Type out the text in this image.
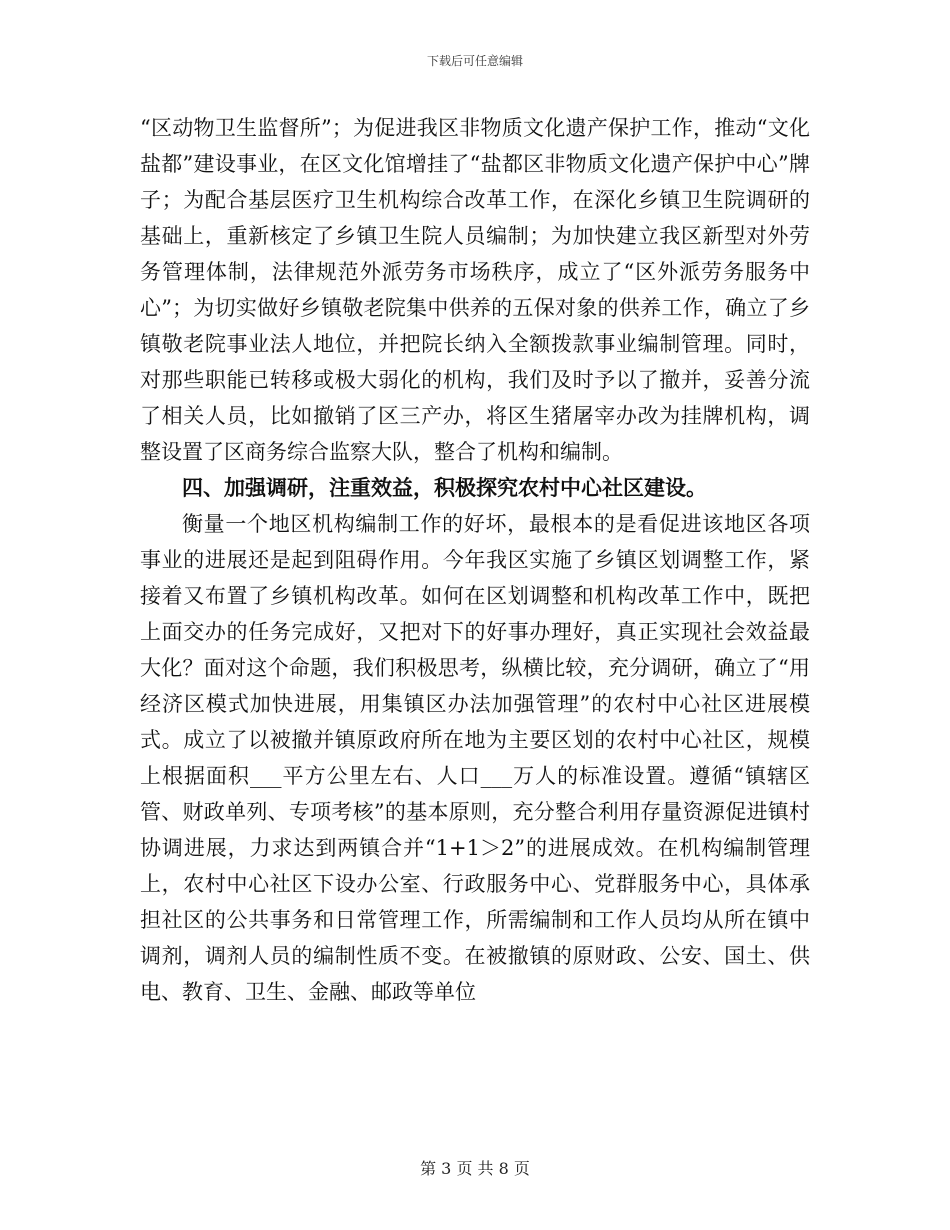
下载后可任意编辑

“区动物卫生监督所”；为促进我区非物质文化遗产保护工作，推动“文化盐都”建设事业，在区文化馆增挂了“盐都区非物质文化遗产保护中心”牌子；为配合基层医疗卫生机构综合改革工作，在深化乡镇卫生院调研的基础上，重新核定了乡镇卫生院人员编制；为加快建立我区新型对外劳务管理体制，法律规范外派劳务市场秩序，成立了“区外派劳务服务中心”；为切实做好乡镇敬老院集中供养的五保对象的供养工作，确立了乡镇敬老院事业法人地位，并把院长纳入全额拨款事业编制管理。同时，对那些职能已转移或极大弱化的机构，我们及时予以了撤并，妥善分流了相关人员，比如撤销了区三产办，将区生猪屠宰办改为挂牌机构，调整设置了区商务综合监察大队，整合了机构和编制。

四、加强调研，注重效益，积极探究农村中心社区建设。

衡量一个地区机构编制工作的好坏，最根本的是看促进该地区各项事业的进展还是起到阻碍作用。今年我区实施了乡镇区划调整工作，紧接着又布置了乡镇机构改革。如何在区划调整和机构改革工作中，既把上面交办的任务完成好，又把对下的好事办理好，真正实现社会效益最大化？面对这个命题，我们积极思考，纵横比较，充分调研，确立了“用经济区模式加快进展，用集镇区办法加强管理”的农村中心社区进展模式。成立了以被撤并镇原政府所在地为主要区划的农村中心社区，规模上根据面积___平方公里左右、人口___万人的标准设置。遵循“镇辖区管、财政单列、专项考核”的基本原则，充分整合利用存量资源促进镇村协调进展，力求达到两镇合并“1+1＞2”的进展成效。在机构编制管理上，农村中心社区下设办公室、行政服务中心、党群服务中心，具体承担社区的公共事务和日常管理工作，所需编制和工作人员均从所在镇中调剂，调剂人员的编制性质不变。在被撤镇的原财政、公安、国土、供电、教育、卫生、金融、邮政等单位

第 3 页 共 8 页
